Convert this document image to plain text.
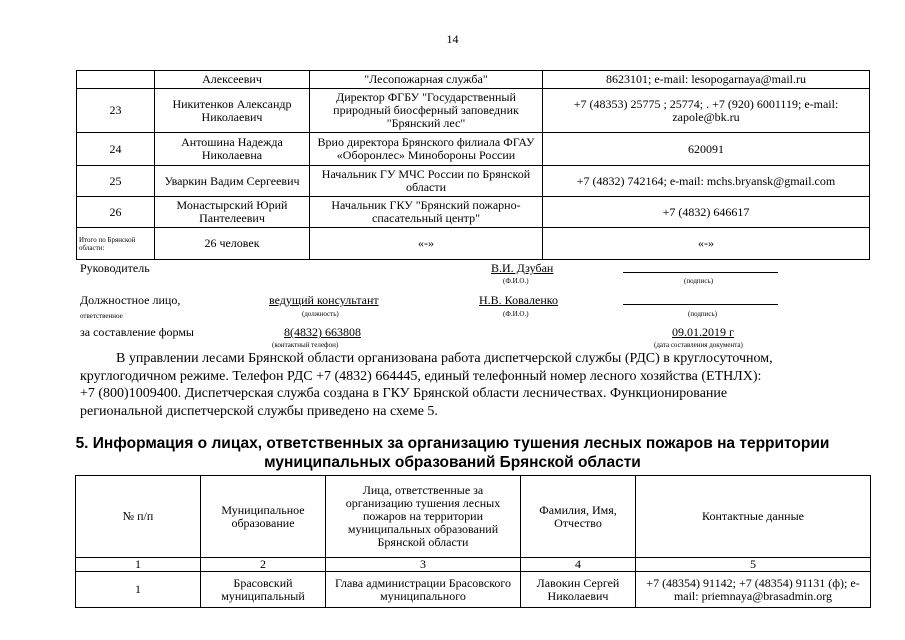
14
	Алексеевич	"Лесопожарная служба"	8623101; e-mail: lesopogarnaya@mail.ru
23	Никитенков Александр Николаевич	Директор ФГБУ "Государственный природный биосферный заповедник "Брянский лес"	+7 (48353) 25775 ; 25774; . +7 (920) 6001119; e-mail: zapole@bk.ru
24	Антошина Надежда Николаевна	Врио директора Брянского филиала ФГАУ «Оборонлес» Минобороны России	620091
25	Уваркин Вадим Сергеевич	Начальник ГУ МЧС России по Брянской области	+7 (4832) 742164; e-mail: mchs.bryansk@gmail.com
26	Монастырский Юрий Пантелеевич	Начальник ГКУ "Брянский пожарно-спасательный центр"	+7 (4832) 646617
Итого по Брянской области:	26 человек	«-»	«-»
Руководитель	В.И. Дзубан
(Ф.И.О.)	(подпись)
Должностное лицо,	ведущий консультант	Н.В. Коваленко
ответственное	(должность)	(Ф.И.О.)	(подпись)
за составление формы	8(4832) 663808
(контактный телефон)
09.01.2019 г
(дата составления документа)
В управлении лесами Брянской области организована работа диспетчерской службы (РДС) в круглосуточном,
круглогодичном режиме. Телефон РДС +7 (4832) 664445, единый телефонный номер лесного хозяйства (ЕТНЛХ):
+7 (800)1009400. Диспетчерская служба создана в ГКУ Брянской области лесничествах. Функционирование
региональной диспетчерской службы приведено на схеме 5.
5. Информация о лицах, ответственных за организацию тушения лесных пожаров на территории
муниципальных образований Брянской области
№ п/п	Муниципальное образование	Лица, ответственные за организацию тушения лесных пожаров на территории муниципальных образований Брянской области	Фамилия, Имя, Отчество	Контактные данные
1	2	3	4	5
1	Брасовский муниципальный	Глава администрации Брасовского муниципального	Лавокин Сергей Николаевич	+7 (48354) 91142; +7 (48354) 91131 (ф); e-mail: priemnaya@brasadmin.org
